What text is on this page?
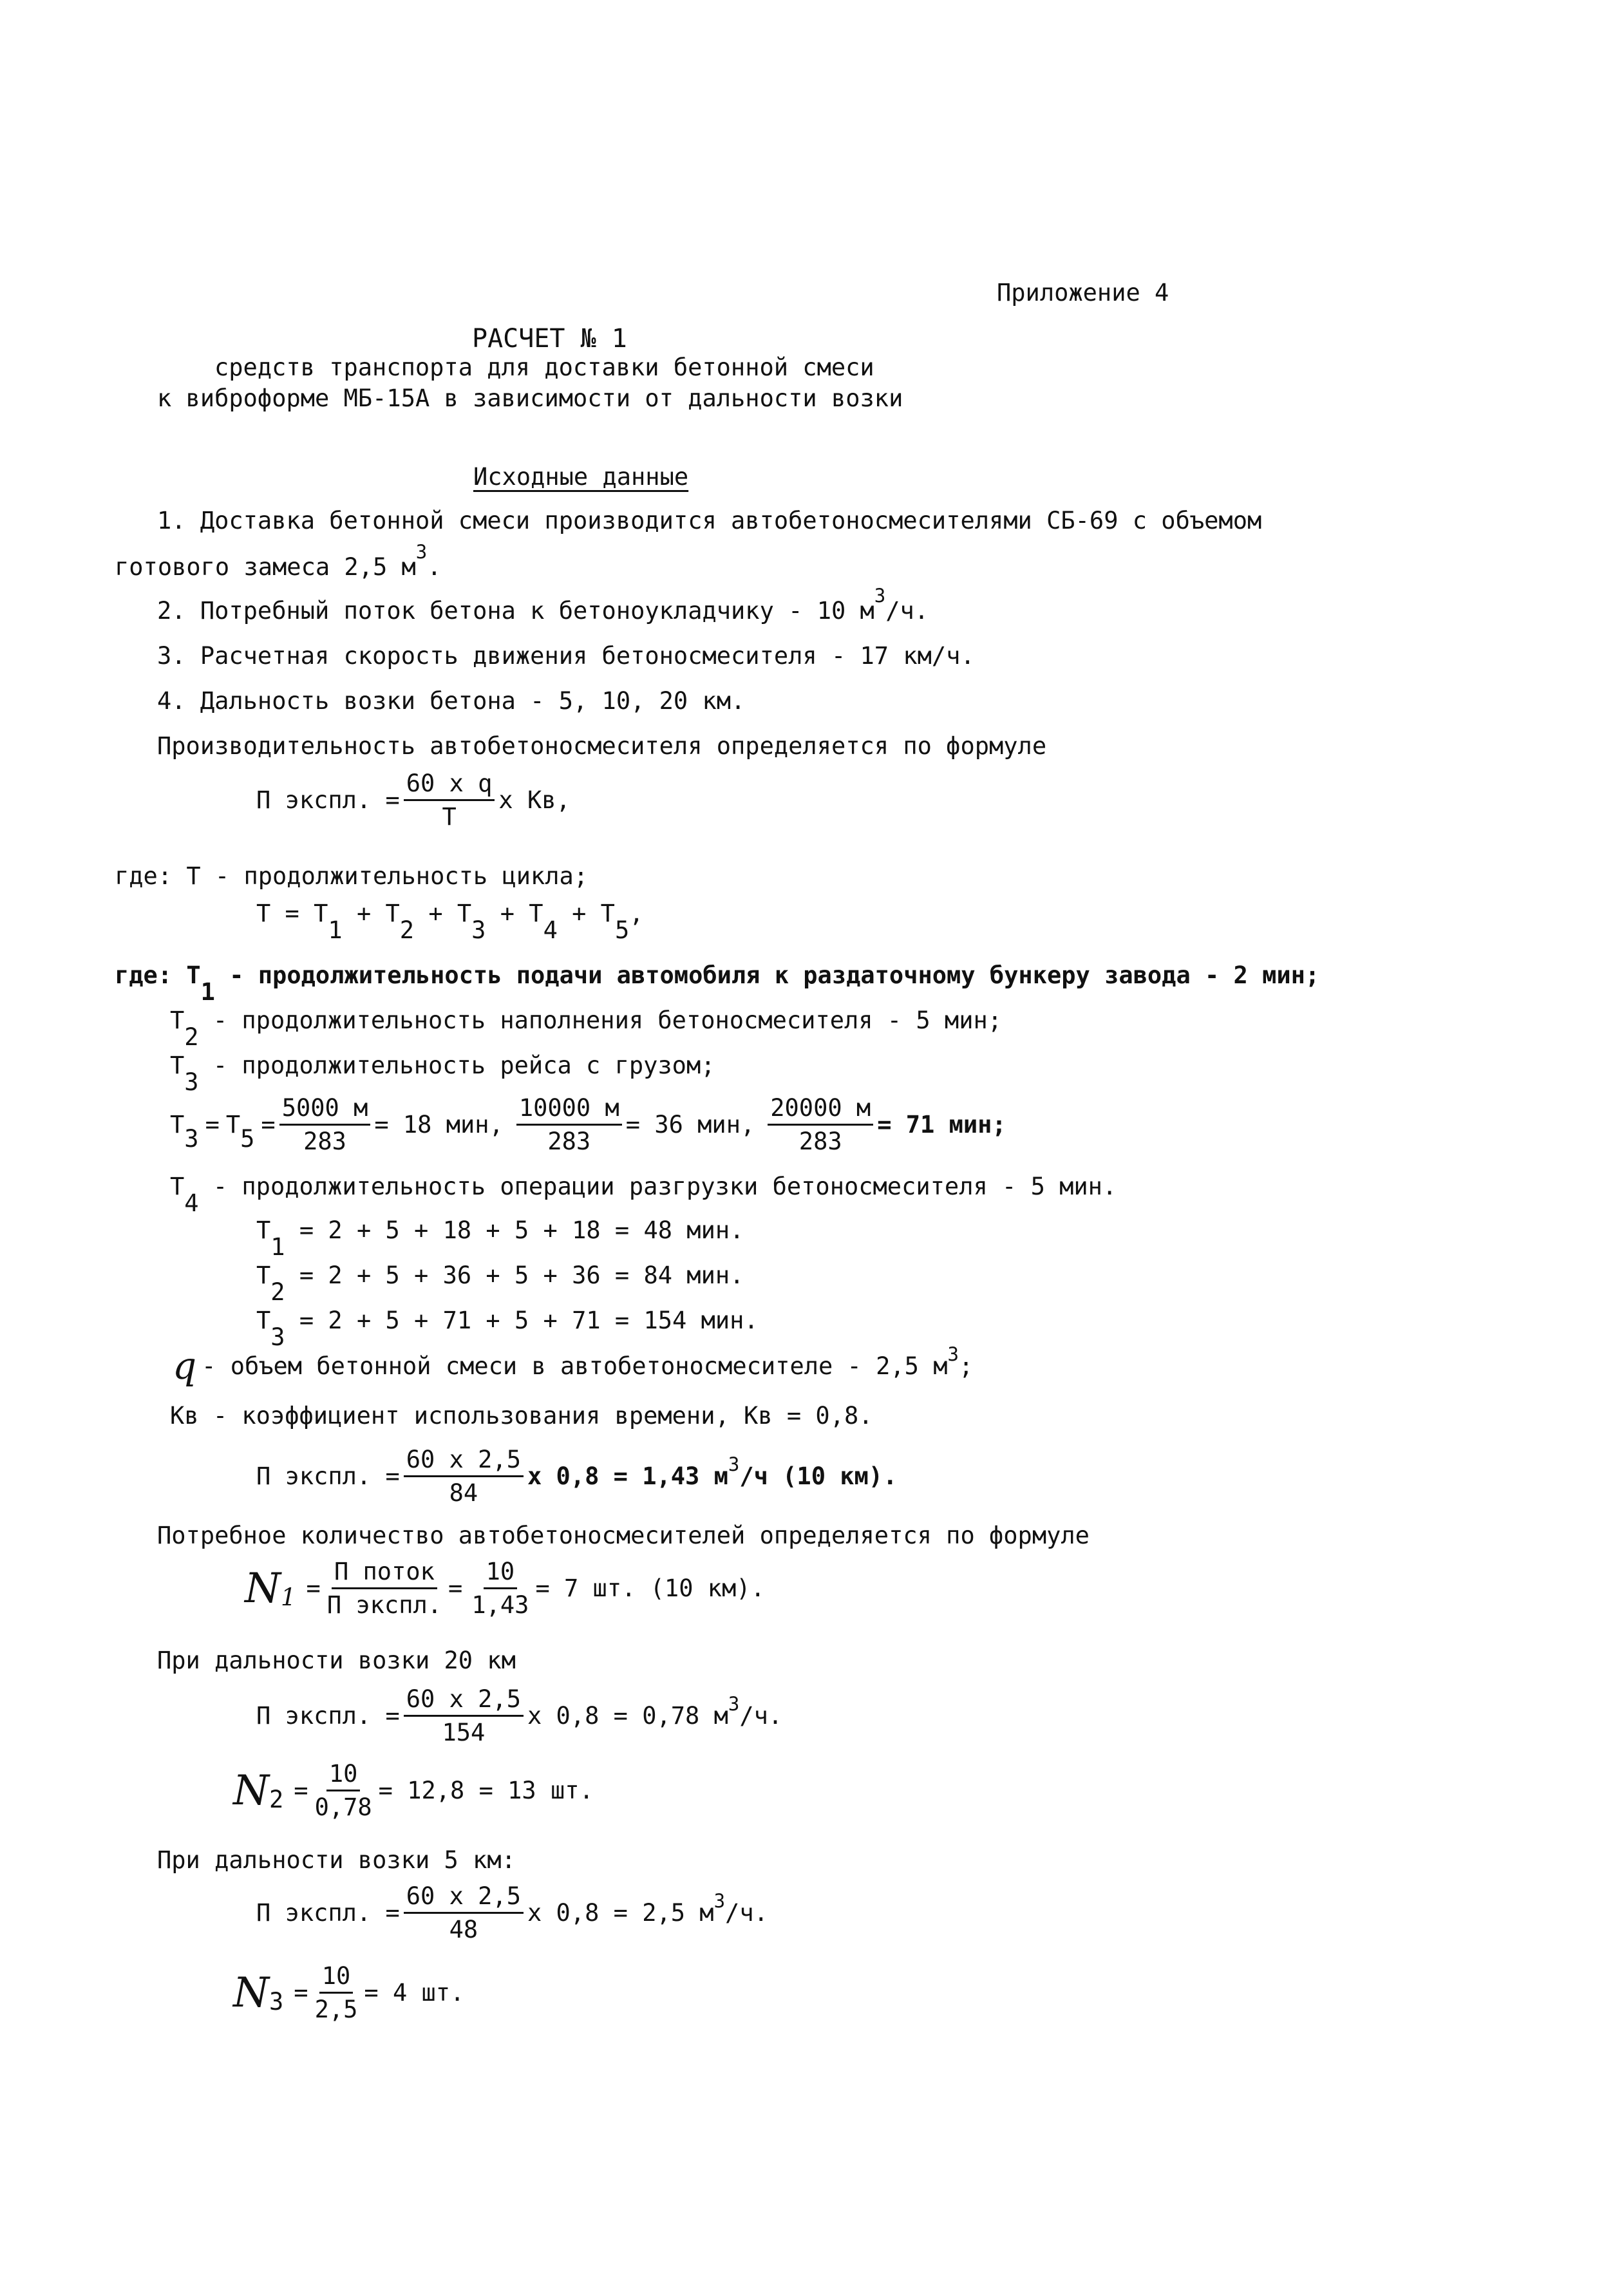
Приложение 4
РАСЧЕТ № 1
средств транспорта для доставки бетонной смеси
к виброформе МБ-15А в зависимости от дальности возки
Исходные данные
1. Доставка бетонной смеси производится автобетоносмесителями СБ-69 с объемом
готового замеса 2,5 $м^3$.
2. Потребный поток бетона к бетоноукладчику - 10 $м^3/ч$.
3. Расчетная скорость движения бетоносмесителя - 17 км/ч.
4. Дальность возки бетона - 5, 10, 20 км.
Производительность автобетоносмесителя определяется по формуле
П экспл. = $\frac{\text{60 x q}}{Т}$ x Кв,
где: Т - продолжительность цикла;
Т = Т1 + Т2 + Т3 + Т4 + Т5,
где: Т1 - продолжительность подачи автомобиля к раздаточному бункеру завода - 2 мин;
Т2 - продолжительность наполнения бетоносмесителя - 5 мин;
Т3 - продолжительность рейса с грузом;
Т
3
= Т
5
= $\frac{5000 м}{283} = 18$ мин, $\frac{10000 м}{283} = 36$ мин, $\frac{20000 м}{283} = 71$ мин;
Т4 - продолжительность операции разгрузки бетоносмесителя - 5 мин.
Т1 = 2 + 5 + 18 + 5 + 18 = 48 мин.
Т2 = 2 + 5 + 36 + 5 + 36 = 84 мин.
Т3 = 2 + 5 + 71 + 5 + 71 = 154 мин.
q - объем бетонной смеси в автобетоносмесителе - 2,5 м 3 ;
Кв - коэффициент использования времени, Кв = 0,8.
П экспл. = $\frac{60 x 2,5}{84}$ x 0,8 = 1,43 м 3 /ч (10 км).
Потребное количество автобетоносмесителей определяется по формуле
N $1 = \frac{\text{П поток}}{\text{П экспл.}} = \frac{10}{1,43} = 7$ шт. (10 км).
При дальности возки 20 км
П экспл. = $\frac{60 x 2,5}{154}$ x 0,8 = 0,78 м 3 /ч.
N $2 = \frac{10}{0,78} = 12,8 = 13$ шт.
При дальности возки 5 км:
П экспл. = $\frac{60 x 2,5}{48}$ x 0,8 = 2,5 м 3 /ч.
N $3 = \frac{10}{2,5} = 4$ шт.
